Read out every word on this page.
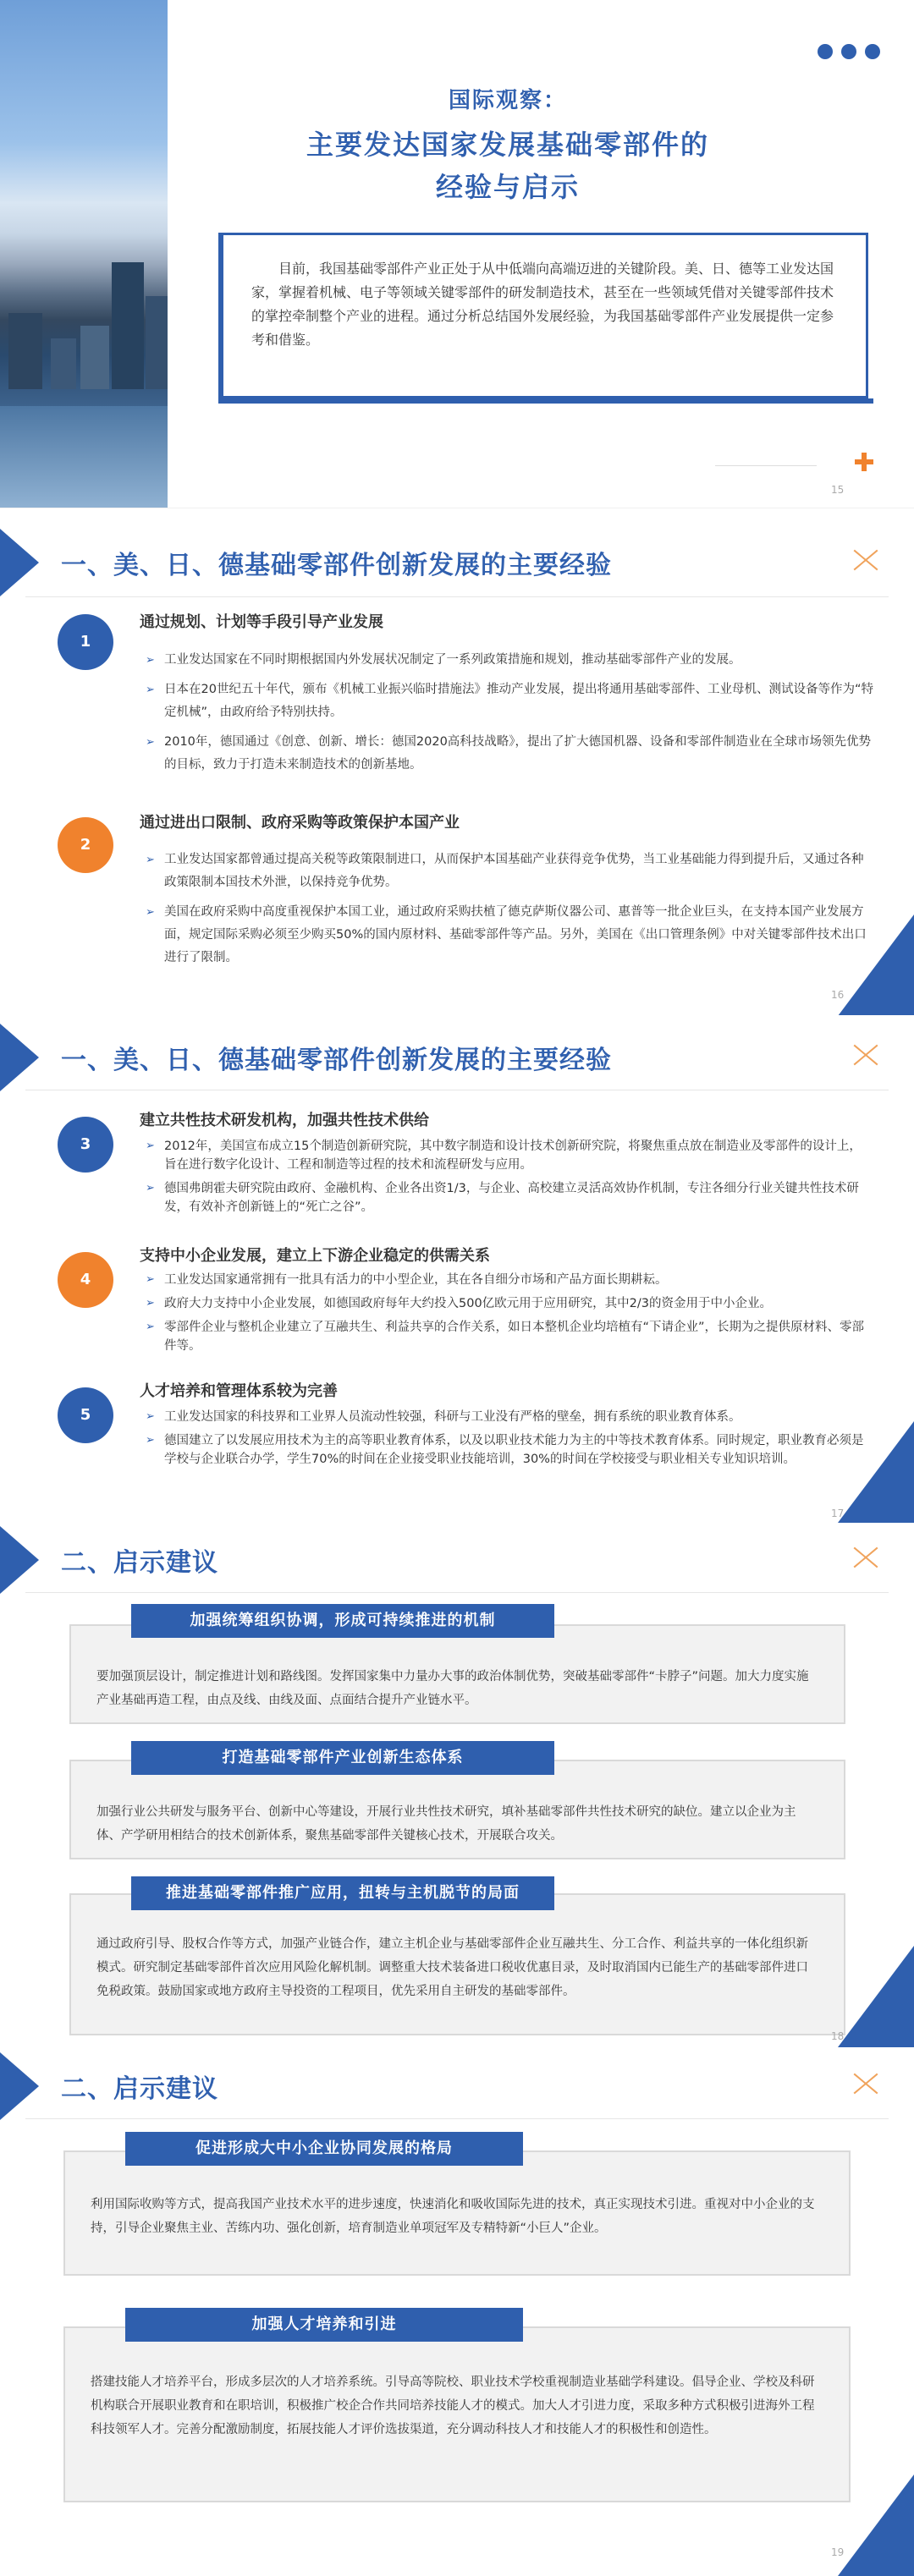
国际观察：
主要发达国家发展基础零部件的
经验与启示
目前，我国基础零部件产业正处于从中低端向高端迈进的关键阶段。美、日、德等工业发达国家，掌握着机械、电子等领域关键零部件的研发制造技术，甚至在一些领域凭借对关键零部件技术的掌控牵制整个产业的进程。通过分析总结国外发展经验，为我国基础零部件产业发展提供一定参考和借鉴。
15
一、美、日、德基础零部件创新发展的主要经验
1
通过规划、计划等手段引导产业发展
➢ 工业发达国家在不同时期根据国内外发展状况制定了一系列政策措施和规划，推动基础零部件产业的发展。
➢ 日本在20世纪五十年代，颁布《机械工业振兴临时措施法》推动产业发展，提出将通用基础零部件、工业母机、测试设备等作为“特定机械”，由政府给予特别扶持。
➢ 2010年，德国通过《创意、创新、增长：德国2020高科技战略》，提出了扩大德国机器、设备和零部件制造业在全球市场领先优势的目标，致力于打造未来制造技术的创新基地。
2
通过进出口限制、政府采购等政策保护本国产业
➢ 工业发达国家都曾通过提高关税等政策限制进口，从而保护本国基础产业获得竞争优势，当工业基础能力得到提升后，又通过各种政策限制本国技术外泄，以保持竞争优势。
➢ 美国在政府采购中高度重视保护本国工业，通过政府采购扶植了德克萨斯仪器公司、惠普等一批企业巨头，在支持本国产业发展方面，规定国际采购必须至少购买50%的国内原材料、基础零部件等产品。另外，美国在《出口管理条例》中对关键零部件技术出口进行了限制。
16
一、美、日、德基础零部件创新发展的主要经验
3
建立共性技术研发机构，加强共性技术供给
➢ 2012年，美国宣布成立15个制造创新研究院，其中数字制造和设计技术创新研究院，将聚焦重点放在制造业及零部件的设计上，旨在进行数字化设计、工程和制造等过程的技术和流程研发与应用。
➢ 德国弗朗霍夫研究院由政府、金融机构、企业各出资1/3，与企业、高校建立灵活高效协作机制，专注各细分行业关键共性技术研发，有效补齐创新链上的“死亡之谷”。
4
支持中小企业发展，建立上下游企业稳定的供需关系
➢ 工业发达国家通常拥有一批具有活力的中小型企业，其在各自细分市场和产品方面长期耕耘。
➢ 政府大力支持中小企业发展，如德国政府每年大约投入500亿欧元用于应用研究，其中2/3的资金用于中小企业。
➢ 零部件企业与整机企业建立了互融共生、利益共享的合作关系，如日本整机企业均培植有“下请企业”，长期为之提供原材料、零部件等。
5
人才培养和管理体系较为完善
➢ 工业发达国家的科技界和工业界人员流动性较强，科研与工业没有严格的壁垒，拥有系统的职业教育体系。
➢ 德国建立了以发展应用技术为主的高等职业教育体系，以及以职业技术能力为主的中等技术教育体系。同时规定，职业教育必须是学校与企业联合办学，学生70%的时间在企业接受职业技能培训，30%的时间在学校接受与职业相关专业知识培训。
17
二、启示建议
要加强顶层设计，制定推进计划和路线图。发挥国家集中力量办大事的政治体制优势，突破基础零部件“卡脖子”问题。加大力度实施产业基础再造工程，由点及线、由线及面、点面结合提升产业链水平。
加强统筹组织协调，形成可持续推进的机制
加强行业公共研发与服务平台、创新中心等建设，开展行业共性技术研究，填补基础零部件共性技术研究的缺位。建立以企业为主体、产学研用相结合的技术创新体系，聚焦基础零部件关键核心技术，开展联合攻关。
打造基础零部件产业创新生态体系
通过政府引导、股权合作等方式，加强产业链合作，建立主机企业与基础零部件企业互融共生、分工合作、利益共享的一体化组织新模式。研究制定基础零部件首次应用风险化解机制。调整重大技术装备进口税收优惠目录，及时取消国内已能生产的基础零部件进口免税政策。鼓励国家或地方政府主导投资的工程项目，优先采用自主研发的基础零部件。
推进基础零部件推广应用，扭转与主机脱节的局面
18
二、启示建议
利用国际收购等方式，提高我国产业技术水平的进步速度，快速消化和吸收国际先进的技术，真正实现技术引进。重视对中小企业的支持，引导企业聚焦主业、苦练内功、强化创新，培育制造业单项冠军及专精特新“小巨人”企业。
促进形成大中小企业协同发展的格局
搭建技能人才培养平台，形成多层次的人才培养系统。引导高等院校、职业技术学校重视制造业基础学科建设。倡导企业、学校及科研机构联合开展职业教育和在职培训，积极推广校企合作共同培养技能人才的模式。加大人才引进力度，采取多种方式积极引进海外工程科技领军人才。完善分配激励制度，拓展技能人才评价选拔渠道，充分调动科技人才和技能人才的积极性和创造性。
加强人才培养和引进
19
